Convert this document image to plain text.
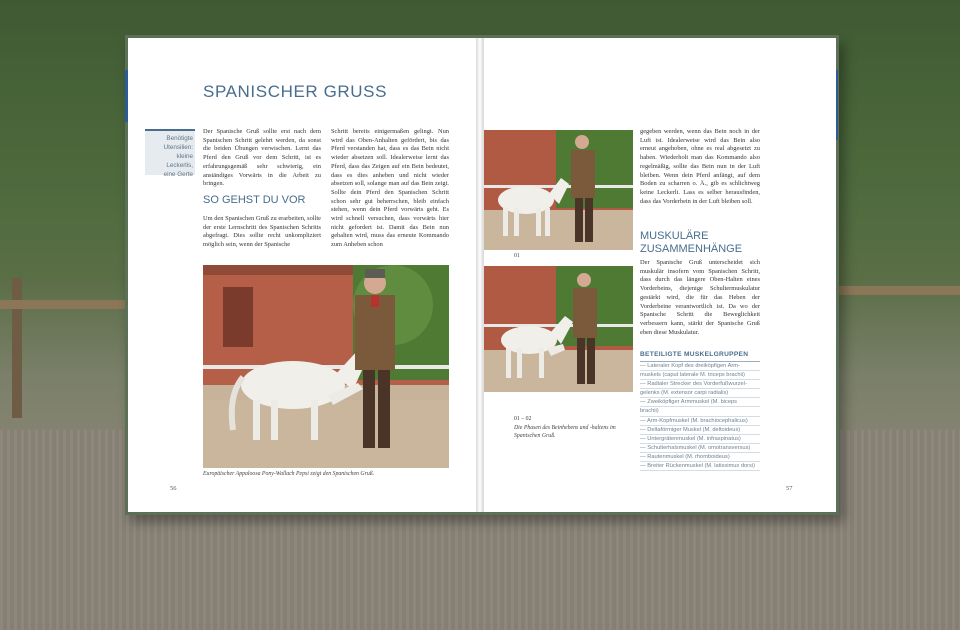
SPANISCHER GRUSS
Benötigte
Utensilien:
kleine
Leckerlis,
eine Gerte

Der Spanische Gruß sollte erst nach dem Spanischen Schritt gelehrt werden, da sonst die beiden Übungen verwischen. Lernt das Pferd den Gruß vor dem Schritt, ist es erfahrungsgemäß sehr schwierig, ein anständiges Vorwärts in die Arbeit zu bringen.

SO GEHST DU VOR

Um den Spanischen Gruß zu erarbeiten, sollte der erste Lernschritt des Spanischen Schritts abgefragt. Dies sollte recht unkompliziert möglich sein, wenn der Spanische

Schritt bereits einigermaßen gelingt. Nun wird das Oben-Anhalten gefördert, bis das Pferd verstanden hat, dass es das Bein nicht wieder absetzen soll. Idealerweise lernt das Pferd, dass das Zeigen auf ein Bein bedeutet, dass es dies anheben und nicht wieder absetzen soll, solange man auf das Bein zeigt. Sollte dein Pferd den Spanischen Schritt schon sehr gut beherrschen, bleib einfach stehen, wenn dein Pferd vorwärts geht. Es wird schnell versuchen, dass vorwärts hier nicht gefordert ist. Damit das Bein nun gehalten wird, muss das erneute Kommando zum Anheben schon

Europäischer Appaloosa Pony-Wallach Pepsi zeigt den Spanischen Gruß.

56
01

01 – 02

Die Phasen des Beinhebens und -haltens im Spanischen Gruß.

gegeben werden, wenn das Bein noch in der Luft ist. Idealerweise wird das Bein also erneut angehoben, ohne es real abgesetzt zu haben. Wiederholt man das Kommando also regelmäßig, sollte das Bein nun in der Luft bleiben. Wenn dein Pferd anfängt, auf dem Boden zu scharren o. Ä., gib es schlichtweg keine Leckerli. Lass es selber herausfinden, dass das Vorderbein in der Luft bleiben soll.

MUSKULÄRE ZUSAMMENHÄNGE

Der Spanische Gruß unterscheidet sich muskulär insofern vom Spanischen Schritt, dass durch das längere Oben-Halten eines Vorderbeins, diejenige Schultermuskulatur gestärkt wird, die für das Heben der Vorderbeine verantwortlich ist. Da wo der Spanische Schritt die Beweglichkeit verbessern kann, stärkt der Spanische Gruß eben diese Muskulatur.

BETEILIGTE MUSKELGRUPPEN
— Lateraler Kopf des dreiköpfigen Arm-
muskels (caput laterale M. triceps brachii)
— Radialer Strecker des Vorderfußwurzel-
gelenks (M. extensor carpi radialis)
— Zweiköpfiger Armmuskel (M. biceps
brachii)
— Arm-Kopfmuskel (M. brachiocephalicus)
— Deltaförmiger Muskel (M. deltoideus)
— Untergrätenmuskel (M. infraspinatus)
— Schulterhalsmuskel (M. omotransversus)
— Rautenmuskel (M. rhomboideus)
— Breiter Rückenmuskel (M. latissimus dorsi)
57
